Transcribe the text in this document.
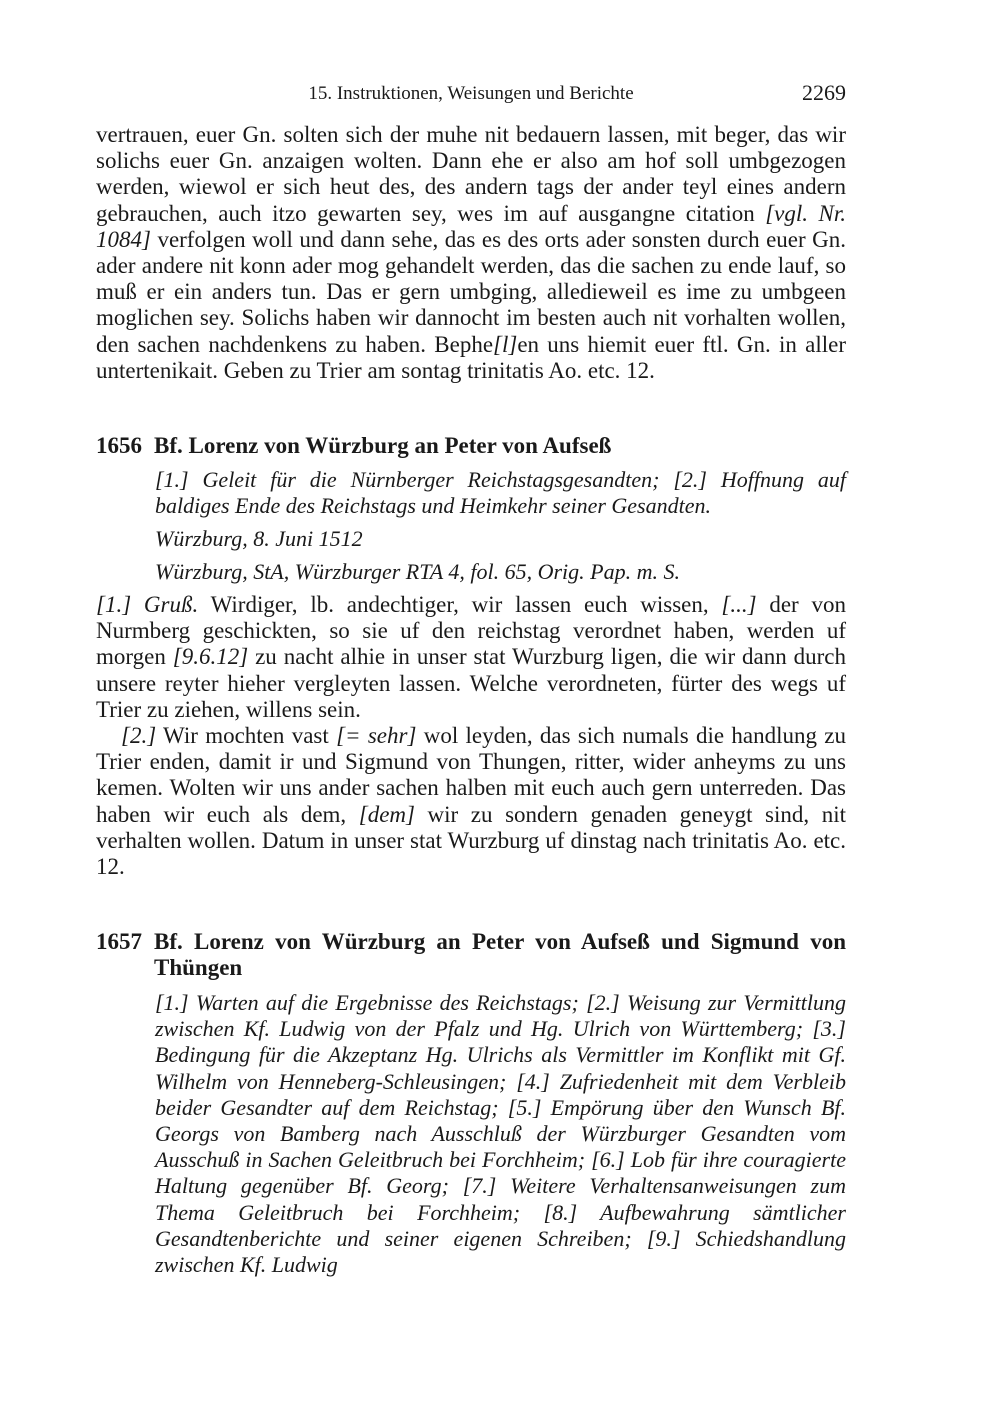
15. Instruktionen, Weisungen und Berichte	2269

vertrauen, euer Gn. solten sich der muhe nit bedauern lassen, mit beger, das wir solichs euer Gn. anzaigen wolten. Dann ehe er also am hof soll umbgezogen werden, wiewol er sich heut des, des andern tags der ander teyl eines andern gebrauchen, auch itzo gewarten sey, wes im auf ausgangne citation [vgl. Nr. 1084] verfolgen woll und dann sehe, das es des orts ader sonsten durch euer Gn. ader andere nit konn ader mog gehandelt werden, das die sachen zu ende lauf, so muß er ein anders tun. Das er gern umbging, alledieweil es ime zu umbgeen moglichen sey. Solichs haben wir dannocht im besten auch nit vorhalten wollen, den sachen nachdenkens zu haben. Bephe[l]en uns hiemit euer ftl. Gn. in aller untertenikait. Geben zu Trier am sontag trinitatis Ao. etc. 12.

1656 Bf. Lorenz von Würzburg an Peter von Aufseß
[1.] Geleit für die Nürnberger Reichstagsgesandten; [2.] Hoffnung auf baldiges Ende des Reichstags und Heimkehr seiner Gesandten.
Würzburg, 8. Juni 1512
Würzburg, StA, Würzburger RTA 4, fol. 65, Orig. Pap. m. S.

[1.] Gruß. Wirdiger, lb. andechtiger, wir lassen euch wissen, [...] der von Nurmberg geschickten, so sie uf den reichstag verordnet haben, werden uf morgen [9.6.12] zu nacht alhie in unser stat Wurzburg ligen, die wir dann durch unsere reyter hieher vergleyten lassen. Welche verordneten, fürter des wegs uf Trier zu ziehen, willens sein.

[2.] Wir mochten vast [= sehr] wol leyden, das sich numals die handlung zu Trier enden, damit ir und Sigmund von Thungen, ritter, wider anheyms zu uns kemen. Wolten wir uns ander sachen halben mit euch auch gern unterreden. Das haben wir euch als dem, [dem] wir zu sondern genaden geneygt sind, nit verhalten wollen. Datum in unser stat Wurzburg uf dinstag nach trinitatis Ao. etc. 12.

1657 Bf. Lorenz von Würzburg an Peter von Aufseß und Sigmund von Thüngen
[1.] Warten auf die Ergebnisse des Reichstags; [2.] Weisung zur Vermittlung zwischen Kf. Ludwig von der Pfalz und Hg. Ulrich von Württemberg; [3.] Bedingung für die Akzeptanz Hg. Ulrichs als Vermittler im Konflikt mit Gf. Wilhelm von Henneberg-Schleusingen; [4.] Zufriedenheit mit dem Verbleib beider Gesandter auf dem Reichstag; [5.] Empörung über den Wunsch Bf. Georgs von Bamberg nach Ausschluß der Würzburger Gesandten vom Ausschuß in Sachen Geleitbruch bei Forchheim; [6.] Lob für ihre couragierte Haltung gegenüber Bf. Georg; [7.] Weitere Verhaltensanweisungen zum Thema Geleitbruch bei Forchheim; [8.] Aufbewahrung sämtlicher Gesandtenberichte und seiner eigenen Schreiben; [9.] Schiedshandlung zwischen Kf. Ludwig
